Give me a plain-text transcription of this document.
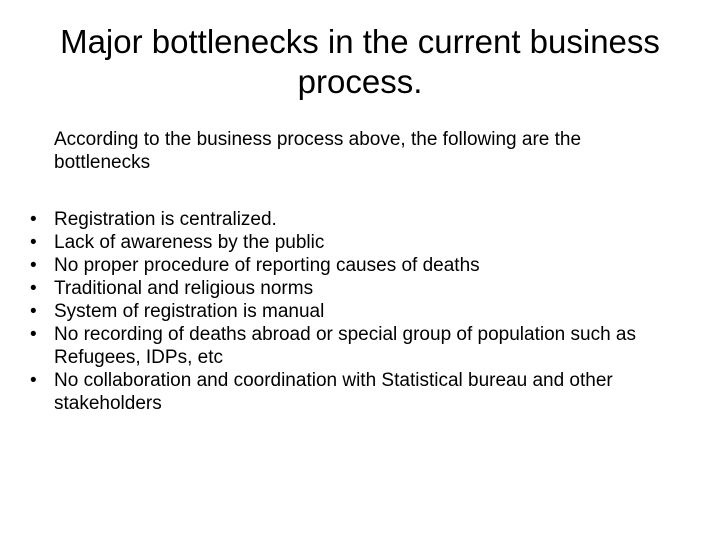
Major bottlenecks in the current business process.

According to the business process above, the following are the bottlenecks

• Registration is centralized.
• Lack of awareness by the public
• No proper procedure of reporting causes of deaths
• Traditional and religious norms
• System of registration is manual
• No recording of deaths abroad or special group of population such as Refugees, IDPs, etc
• No collaboration and coordination with Statistical bureau and other stakeholders
